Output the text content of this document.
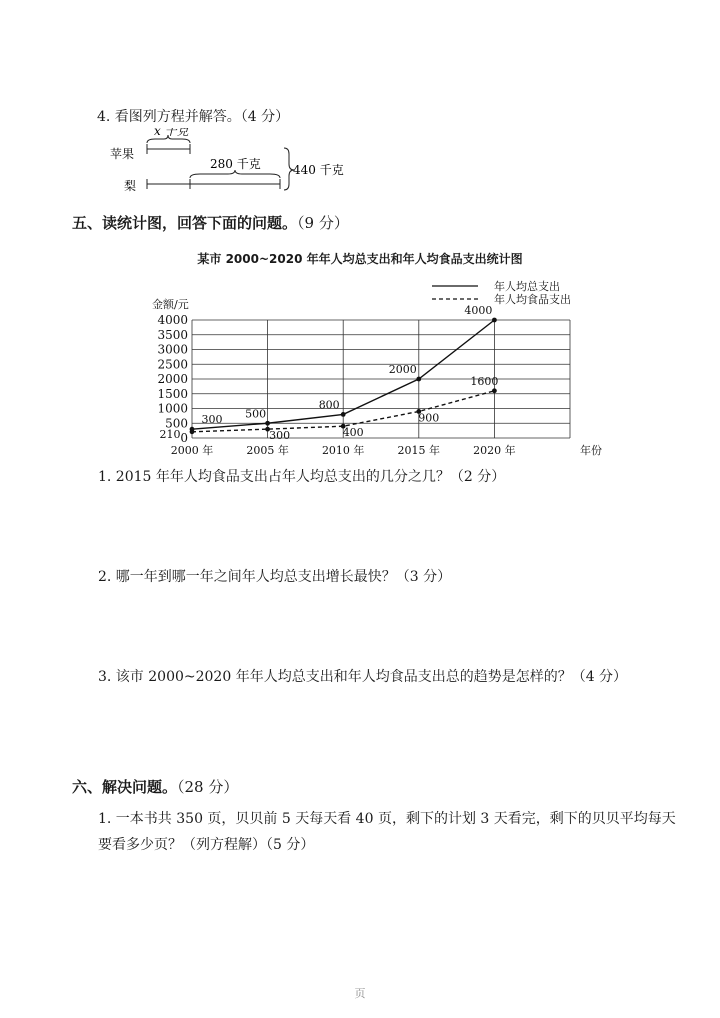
4. 看图列方程并解答。（4 分）
苹果
x 千克
梨
280 千克	440 千克
五、读统计图，回答下面的问题。（9 分）
某市 2000~2020 年年人均总支出和年人均食品支出统计图
0
500
1000
1500
2000
2500
3000
3500
4000
2000 年	2005 年	2010 年	2015 年	2020 年	年份
金额/元
年人均总支出
年人均食品支出
300 500
800
2000
4000
210	300	400
900
1600
1. 2015 年年人均食品支出占年人均总支出的几分之几？（2 分）
2. 哪一年到哪一年之间年人均总支出增长最快？（3 分）
3. 该市 2000~2020 年年人均总支出和年人均食品支出总的趋势是怎样的？（4 分）
六、解决问题。（28 分）
1. 一本书共 350 页，贝贝前 5 天每天看 40 页，剩下的计划 3 天看完，剩下的贝贝平均每天要看多少页？（列方程解）（5 分）
页
